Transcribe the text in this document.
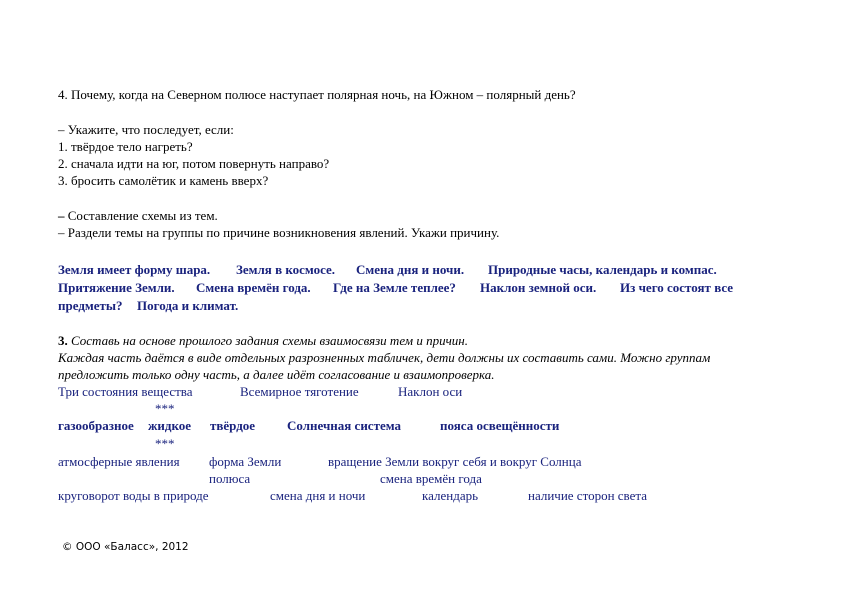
4. Почему, когда на Северном полюсе наступает полярная ночь, на Южном – полярный день?
– Укажите, что последует, если:
1. твёрдое тело нагреть?
2. сначала идти на юг, потом повернуть направо?
3. бросить самолётик и камень вверх?
– Составление схемы из тем.
– Раздели темы на группы по причине возникновения явлений. Укажи причину.
Земля имеет форму шара. Земля в космосе. Смена дня и ночи. Природные часы, календарь и компас.
Притяжение Земли. Смена времён года. Где на Земле теплее? Наклон земной оси. Из чего состоят все
предметы? Погода и климат.
3. Составь на основе прошлого задания схемы взаимосвязи тем и причин.
Каждая часть даётся в виде отдельных разрозненных табличек, дети должны их составить сами. Можно группам
предложить только одну часть, а далее идёт согласование и взаимопроверка.
Три состояния вещества	Всемирное тяготение	Наклон оси
***
газообразное жидкое твёрдое Солнечная система	пояса освещённости
***
атмосферные явления форма Земли	вращение Земли вокруг себя и вокруг Солнца
полюса	смена времён года
круговорот воды в природе	смена дня и ночи	календарь	наличие сторон света
© ООО «Баласс», 2012
